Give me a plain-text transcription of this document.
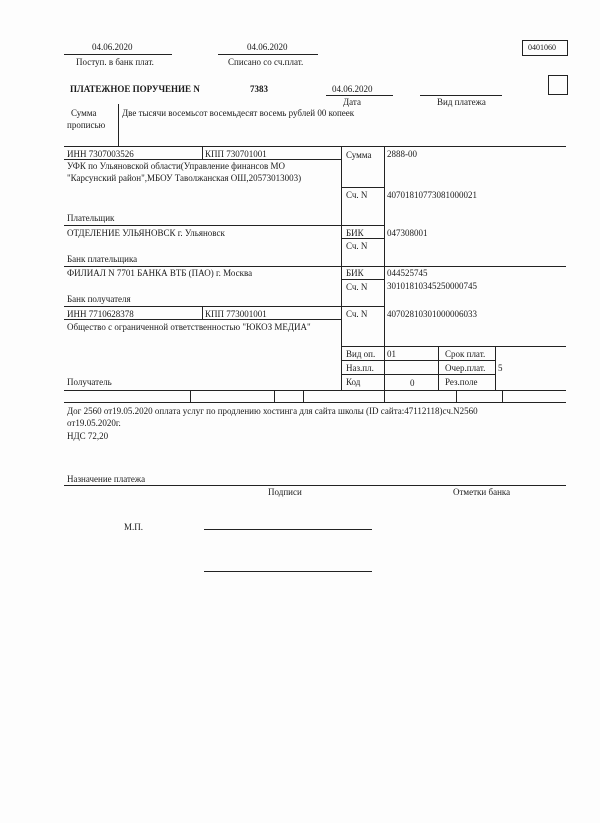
04.06.2020
Поступ. в банк плат.
04.06.2020
Списано со сч.плат.
0401060
ПЛАТЕЖНОЕ ПОРУЧЕНИЕ N	7383	04.06.2020
Дата	Вид платежа
Сумма
прописью
Две тысячи восемьсот восемьдесят восемь рублей 00 копеек
ИНН 7307003526	КПП 730701001	Сумма 2888-00
УФК по Ульяновской области(Управление финансов МО
"Карсунский район",МБОУ Таволжанская ОШ,20573013003)
Сч. N 40701810773081000021
Плательщик
ОТДЕЛЕНИЕ УЛЬЯНОВСК г. Ульяновск	БИК	047308001
Сч. N
Банк плательщика
ФИЛИАЛ N 7701 БАНКА ВТБ (ПАО) г. Москва	БИК	044525745
Сч. N 30101810345250000745
Банк получателя
ИНН 7710628378	КПП 773001001	Сч. N 40702810301000006033
Общество с ограниченной ответственностью "ЮКОЗ МЕДИА"
Вид оп. 01	Срок плат.
Наз.пл.	Очер.плат. 5
Код	0	Рез.поле
Получатель
Дог 2560 от19.05.2020 оплата услуг по продлению хостинга для сайта школы (ID сайта:47112118)сч.N2560
от19.05.2020г.
НДС 72,20
Назначение платежа
Подписи	Отметки банка
М.П.
